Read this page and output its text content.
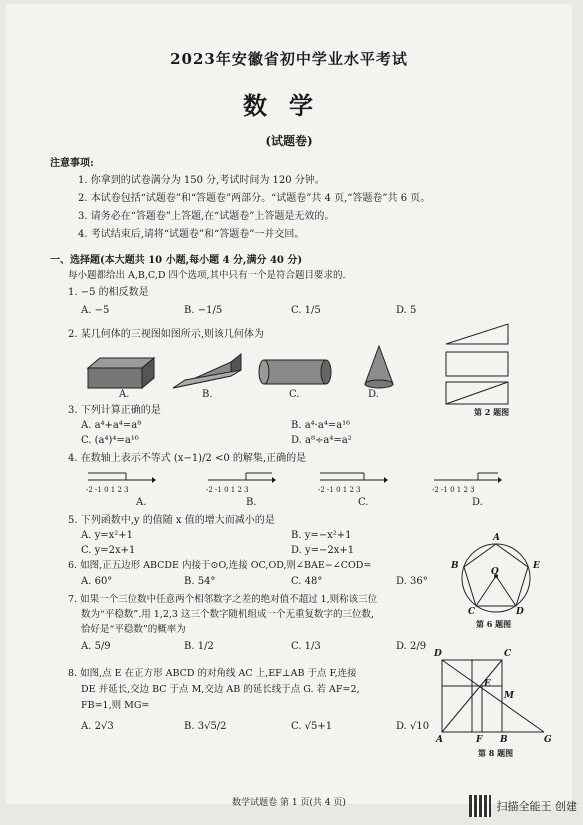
2023年安徽省初中学业水平考试
数学
(试题卷)
注意事项:
1. 你拿到的试卷满分为 150 分,考试时间为 120 分钟。
2. 本试卷包括“试题卷”和“答题卷”两部分。“试题卷”共 4 页,“答题卷”共 6 页。
3. 请务必在“答题卷”上答题,在“试题卷”上答题是无效的。
4. 考试结束后,请将“试题卷”和“答题卷”一并交回。
一、选择题(本大题共 10 小题,每小题 4 分,满分 40 分)
每小题都给出 A,B,C,D 四个选项,其中只有一个是符合题目要求的.
1. −5 的相反数是
A. −5	B. −1/5	C. 1/5	D. 5
2. 某几何体的三视图如图所示,则该几何体为
第 2 题图
A.	B.	C.	D.
3. 下列计算正确的是
A. a⁴+a⁴=a⁸	B. a⁴·a⁴=a¹⁶
C. (a⁴)⁴=a¹⁶	D. a⁸÷a⁴=a²
4. 在数轴上表示不等式 (x−1)/2 <0 的解集,正确的是
-2 -1 0 1 2 3	-2 -1 0 1 2 3	-2 -1 0 1 2 3	-2 -1 0 1 2 3
A.	B.	C.	D.
5. 下列函数中,y 的值随 x 值的增大而减小的是
A. y=x²+1	B. y=−x²+1
C. y=2x+1	D. y=−2x+1
6. 如图,正五边形 ABCDE 内接于⊙O,连接 OC,OD,则∠BAE−∠COD=
A. 60°	B. 54°	C. 48°	D. 36°
A
B	E
O
C	D
第 6 题图
7. 如果一个三位数中任意两个相邻数字之差的绝对值不超过 1,则称该三位
数为“平稳数”.用 1,2,3 这三个数字随机组成一个无重复数字的三位数,
恰好是“平稳数”的概率为
A. 5/9	B. 1/2	C. 1/3	D. 2/9
8. 如图,点 E 在正方形 ABCD 的对角线 AC 上,EF⊥AB 于点 F,连接
DE 并延长,交边 BC 于点 M,交边 AB 的延长线于点 G. 若 AF=2,
FB=1,则 MG=
A. 2√3	B. 3√5/2	C. √5+1	D. √10
D	C
E
M
A	F B	G
第 8 题图
数学试题卷 第 1 页(共 4 页)	扫描全能王 创建
